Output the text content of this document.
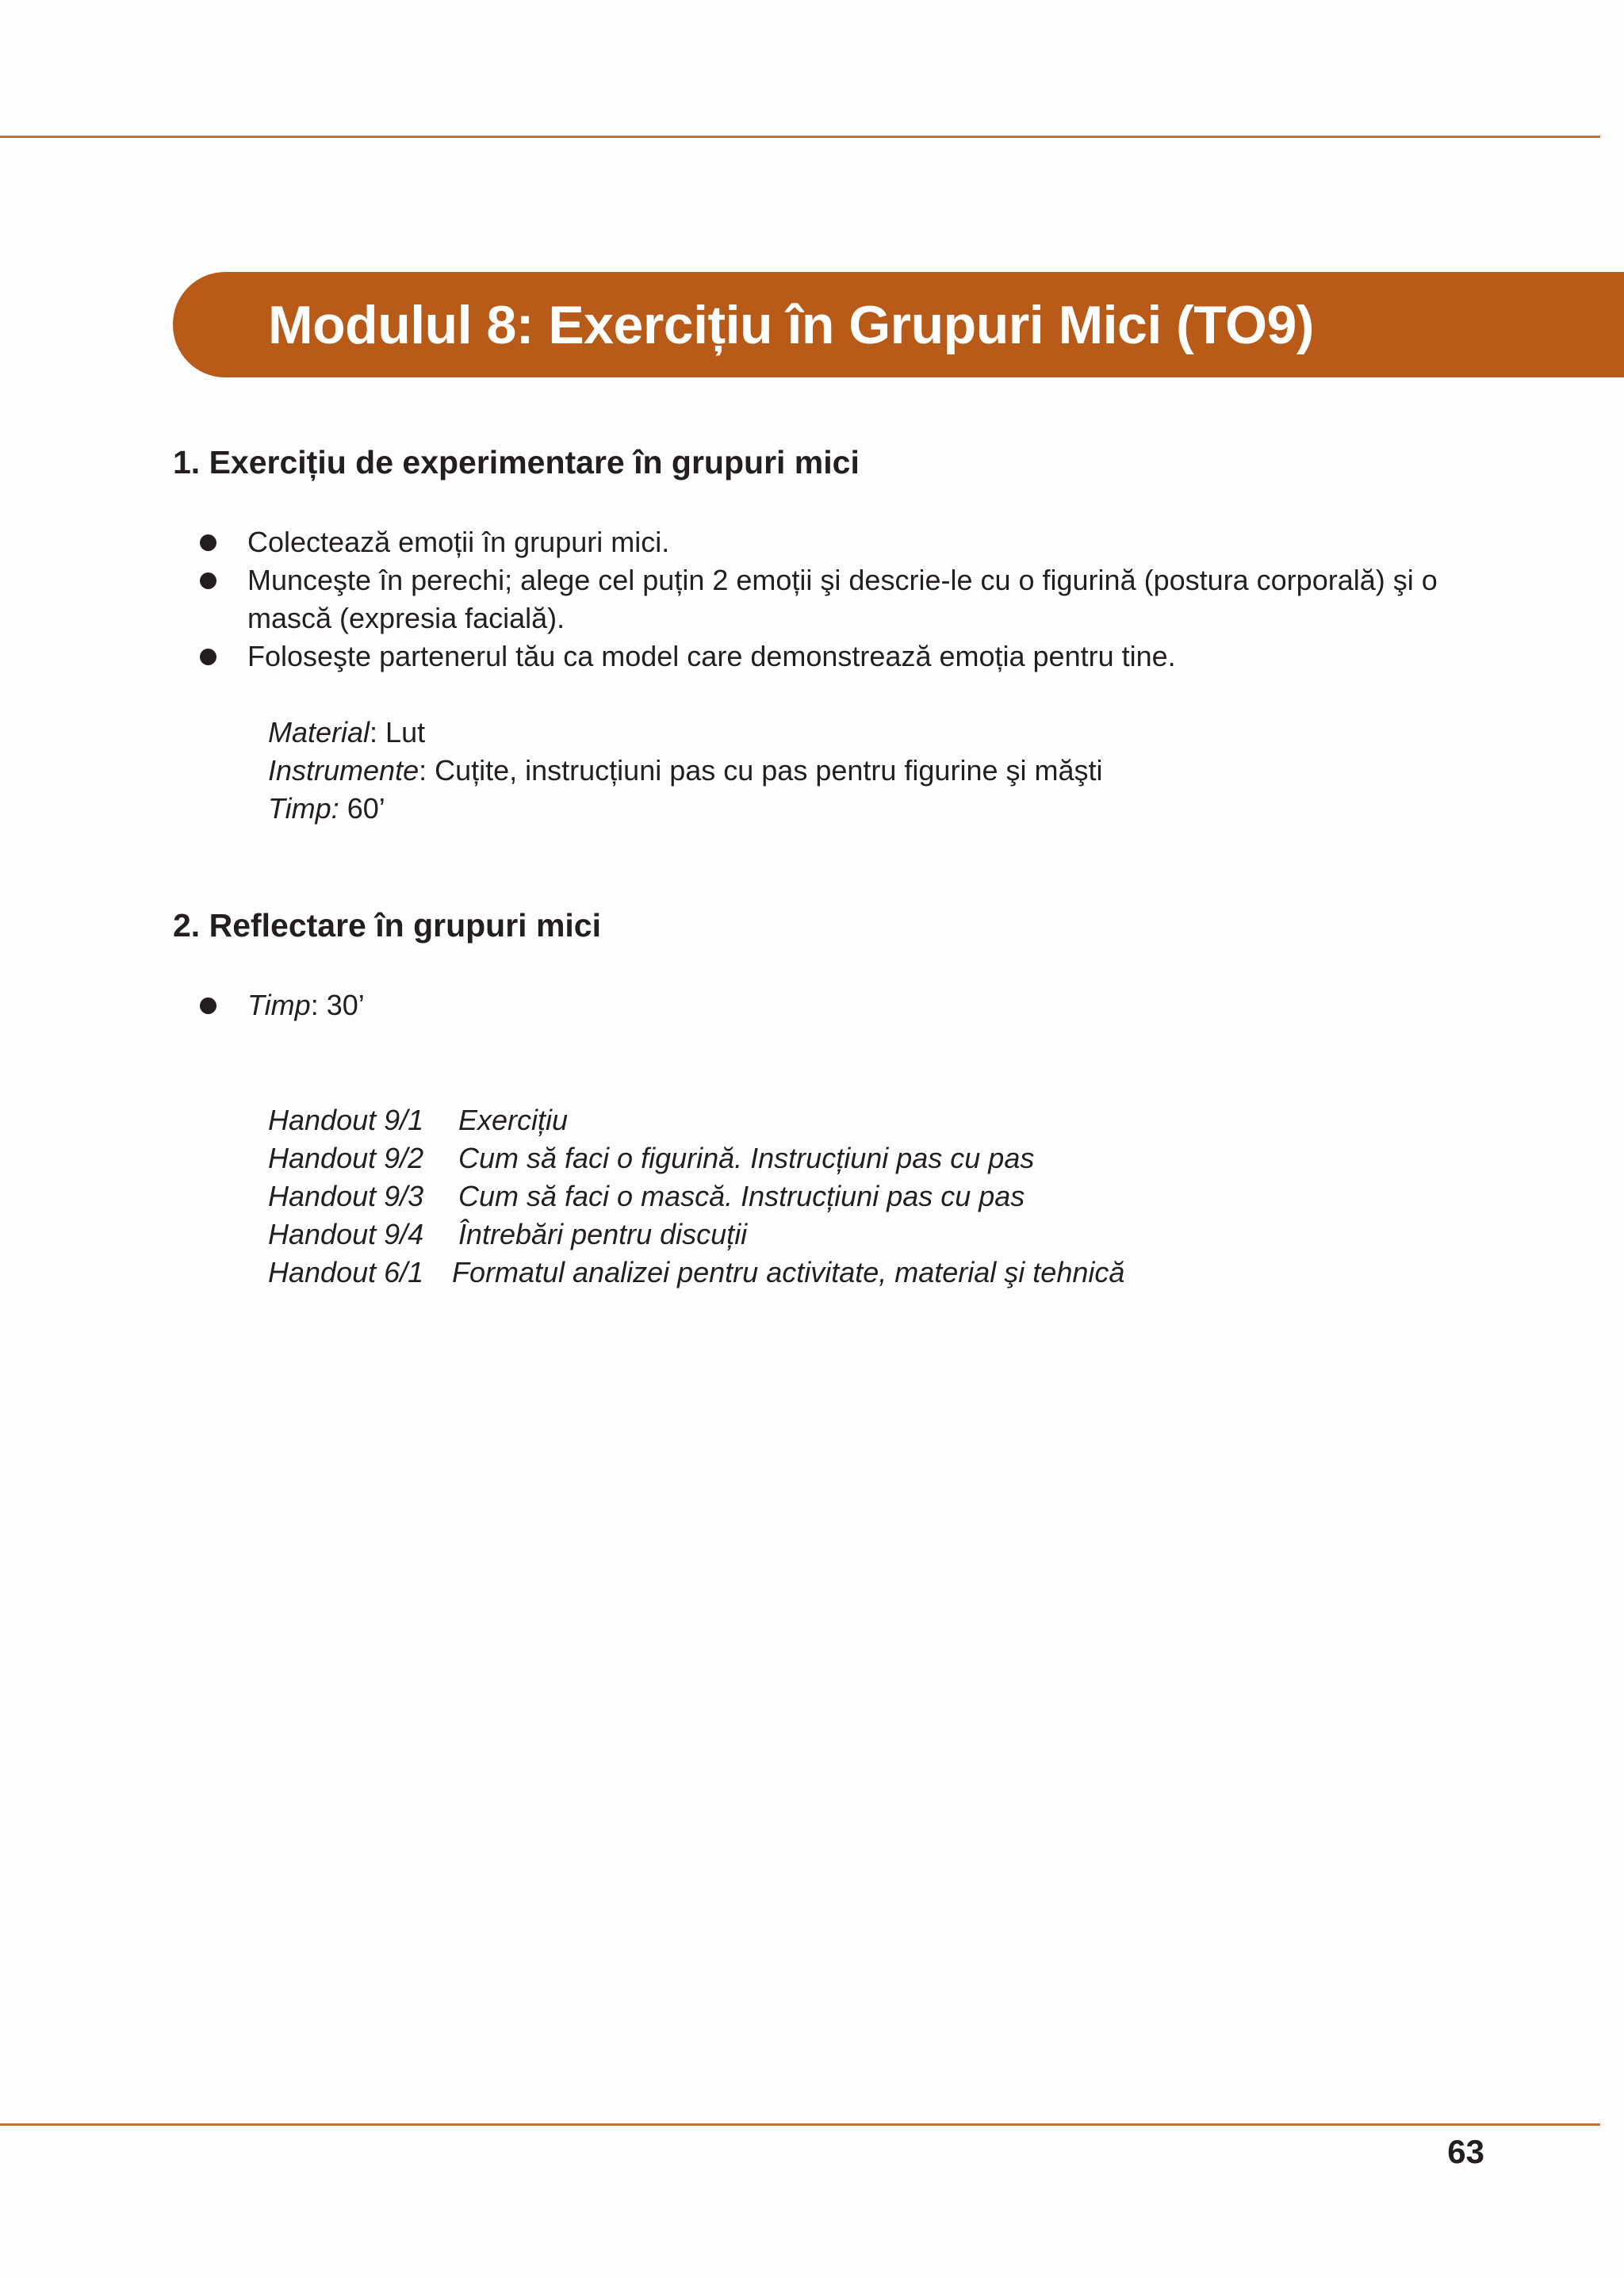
Modulul 8: Exercițiu în Grupuri Mici (TO9)
1. Exercițiu de experimentare în grupuri mici
Colectează emoții în grupuri mici.
Munceşte în perechi; alege cel puțin 2 emoții şi descrie-le cu o figurină (postura corporală) şi o mască (expresia facială).
Foloseşte partenerul tău ca model care demonstrează emoția pentru tine.
Material: Lut
Instrumente: Cuțite, instrucțiuni pas cu pas pentru figurine şi măşti
Timp: 60’
2. Reflectare în grupuri mici
Timp: 30’
Handout 9/1	Exercițiu
Handout 9/2	Cum să faci o figurină. Instrucțiuni pas cu pas
Handout 9/3	Cum să faci o mască. Instrucțiuni pas cu pas
Handout 9/4	Întrebări pentru discuții
Handout 6/1 Formatul analizei pentru activitate, material şi tehnică
63
